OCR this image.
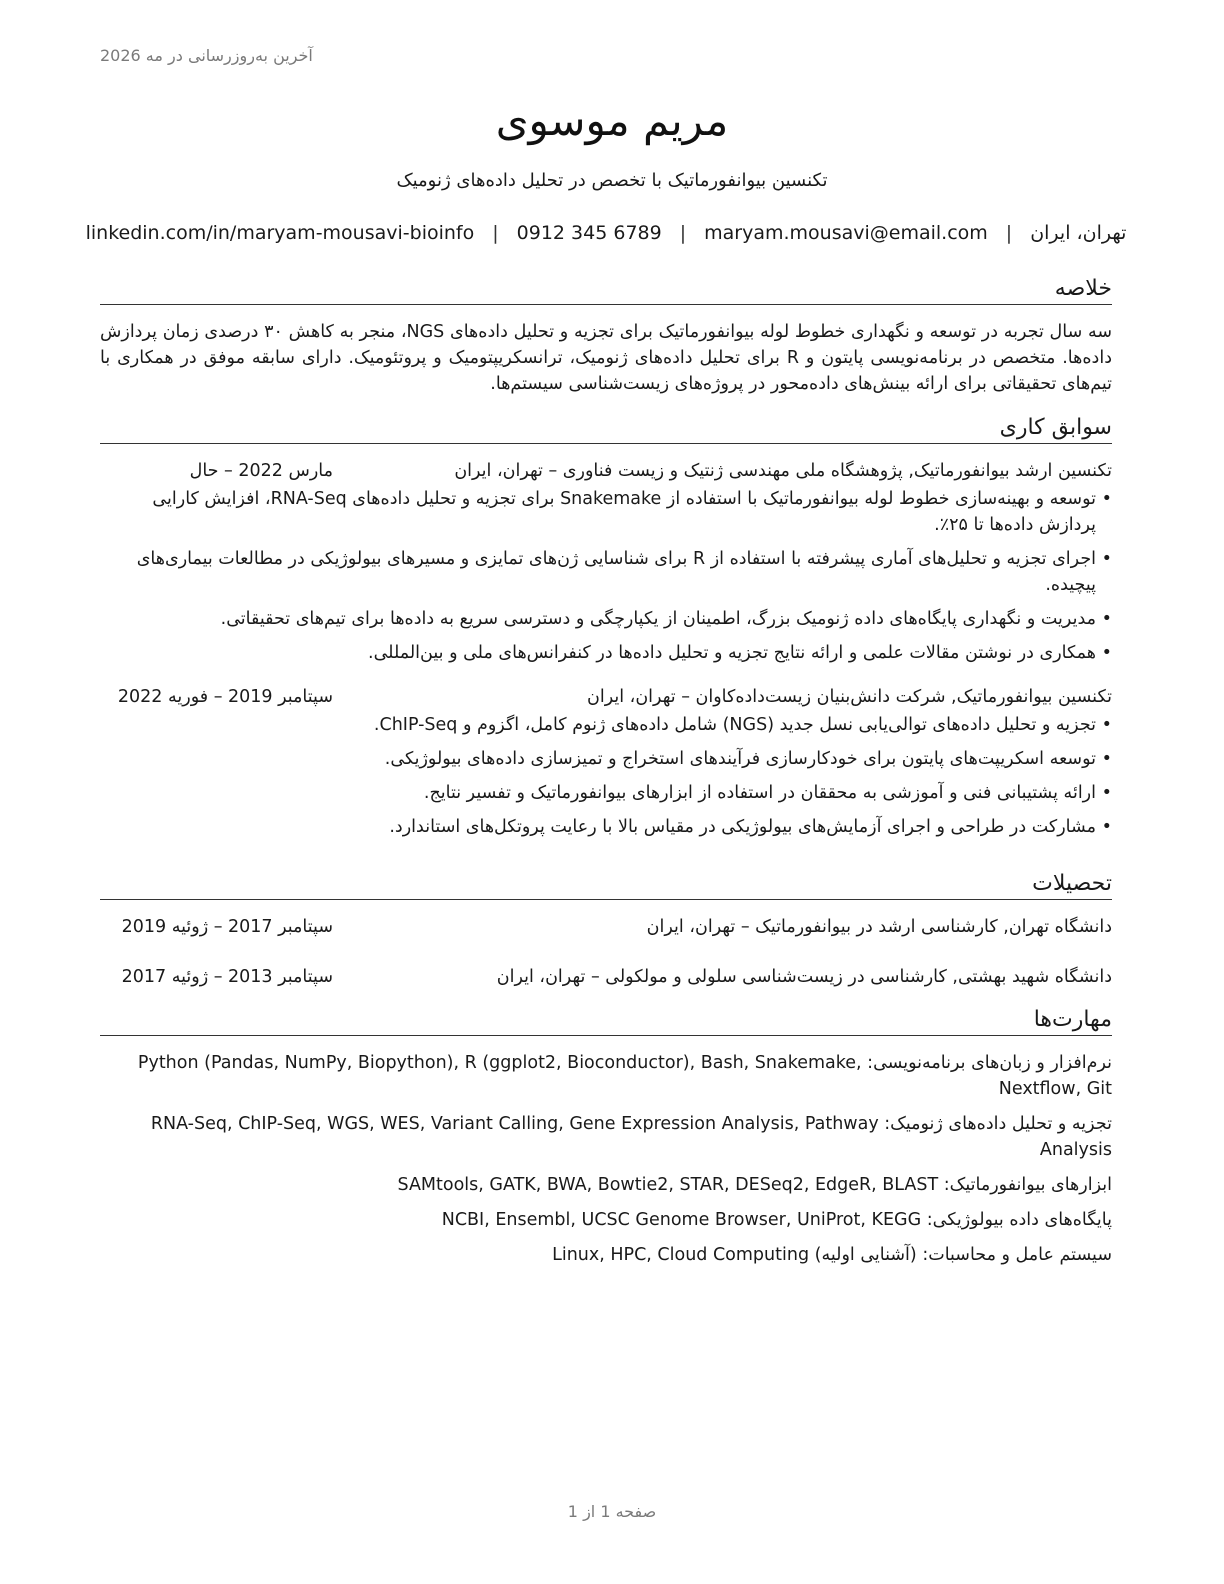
آخرین به‌روزرسانی در مه 2026
مریم موسوی
تکنسین بیوانفورماتیک با تخصص در تحلیل داده‌های ژنومیک
تهران، ایران
|
maryam.mousavi@email.com
|
0912 345 6789
|
linkedin.com/in/maryam-mousavi-bioinfo
خلاصه
سه سال تجربه در توسعه و نگهداری خطوط لوله بیوانفورماتیک برای تجزیه و تحلیل داده‌های NGS، منجر به کاهش ۳۰ درصدی زمان پردازش داده‌ها. متخصص در برنامه‌نویسی پایتون و R برای تحلیل داده‌های ژنومیک، ترانسکریپتومیک و پروتئومیک. دارای سابقه موفق در همکاری با تیم‌های تحقیقاتی برای ارائه بینش‌های داده‌محور در پروژه‌های زیست‌شناسی سیستم‌ها.
سوابق کاری
تکنسین ارشد بیوانفورماتیک, پژوهشگاه ملی مهندسی ژنتیک و زیست فناوری – تهران، ایران
مارس 2022 – حال
• توسعه و بهینه‌سازی خطوط لوله بیوانفورماتیک با استفاده از Snakemake برای تجزیه و تحلیل داده‌های RNA-Seq، افزایش کارایی پردازش داده‌ها تا ۲۵٪.
• اجرای تجزیه و تحلیل‌های آماری پیشرفته با استفاده از R برای شناسایی ژن‌های تمایزی و مسیرهای بیولوژیکی در مطالعات بیماری‌های پیچیده.
• مدیریت و نگهداری پایگاه‌های داده ژنومیک بزرگ، اطمینان از یکپارچگی و دسترسی سریع به داده‌ها برای تیم‌های تحقیقاتی.
• همکاری در نوشتن مقالات علمی و ارائه نتایج تجزیه و تحلیل داده‌ها در کنفرانس‌های ملی و بین‌المللی.
تکنسین بیوانفورماتیک, شرکت دانش‌بنیان زیست‌داده‌کاوان – تهران، ایران
سپتامبر 2019 – فوریه 2022
• تجزیه و تحلیل داده‌های توالی‌یابی نسل جدید (NGS) شامل داده‌های ژنوم کامل، اگزوم و ChIP-Seq.
• توسعه اسکریپت‌های پایتون برای خودکارسازی فرآیندهای استخراج و تمیزسازی داده‌های بیولوژیکی.
• ارائه پشتیبانی فنی و آموزشی به محققان در استفاده از ابزارهای بیوانفورماتیک و تفسیر نتایج.
• مشارکت در طراحی و اجرای آزمایش‌های بیولوژیکی در مقیاس بالا با رعایت پروتکل‌های استاندارد.
تحصیلات
دانشگاه تهران, کارشناسی ارشد در بیوانفورماتیک – تهران، ایران
سپتامبر 2017 – ژوئیه 2019
دانشگاه شهید بهشتی, کارشناسی در زیست‌شناسی سلولی و مولکولی – تهران، ایران
سپتامبر 2013 – ژوئیه 2017
مهارت‌ها
نرم‌افزار و زبان‌های برنامه‌نویسی: Python (Pandas, NumPy, Biopython), R (ggplot2, Bioconductor), Bash, Snakemake, Nextflow, Git
تجزیه و تحلیل داده‌های ژنومیک: RNA-Seq, ChIP-Seq, WGS, WES, Variant Calling, Gene Expression Analysis, Pathway Analysis
ابزارهای بیوانفورماتیک: SAMtools, GATK, BWA, Bowtie2, STAR, DESeq2, EdgeR, BLAST
پایگاه‌های داده بیولوژیکی: NCBI, Ensembl, UCSC Genome Browser, UniProt, KEGG
سیستم عامل و محاسبات: Linux, HPC, Cloud Computing (آشنایی اولیه)
صفحه 1 از 1
